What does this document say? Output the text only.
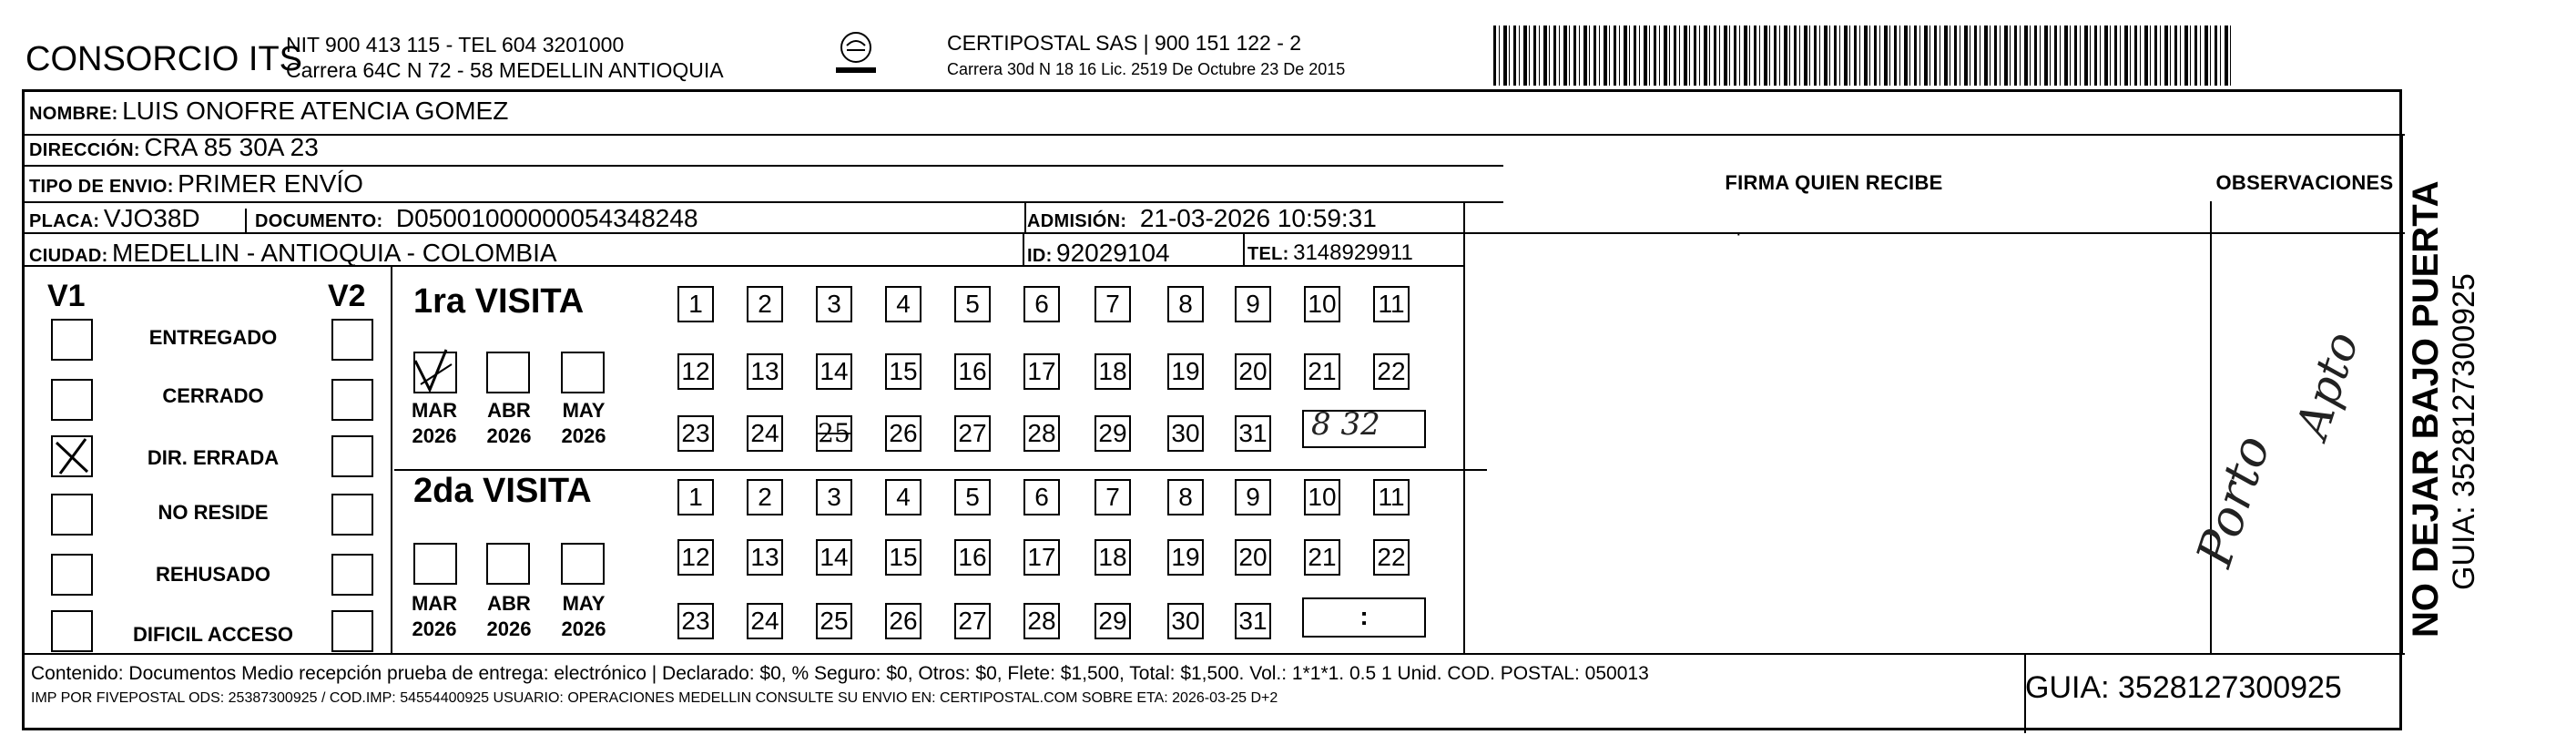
CONSORCIO ITS
NIT 900 413 115 - TEL 604 3201000
Carrera 64C N 72 - 58 MEDELLIN ANTIOQUIA
CERTIPOSTAL SAS | 900 151 122 - 2
Carrera 30d N 18 16 Lic. 2519 De Octubre 23 De 2015
NOMBRE: LUIS ONOFRE ATENCIA GOMEZ
DIRECCIÓN: CRA 85 30A 23
TIPO DE ENVIO: PRIMER ENVÍO
PLACA: VJO38D	DOCUMENTO: D05001000000054348248	ADMISIÓN: 21-03-2026 10:59:31
CIUDAD: MEDELLIN - ANTIOQUIA - COLOMBIA	ID: 92029104	TEL: 3148929911
FIRMA QUIEN RECIBE	OBSERVACIONES
·
V1	V2
ENTREGADO
CERRADO
DIR. ERRADA
NO RESIDE
REHUSADO
DIFICIL ACCESO
1ra VISITA
MAR	ABR	MAY
2026	2026	2026
2da VISITA
MAR	ABR	MAY
2026	2026	2026
1	2	3	4	5	6	7	8	9	10 11
12 13 14 15 16 17 18 19 20 21 22
23 24 25 26 27 28 29 30 31
1	2	3	4	5	6	7	8	9	10 11
12 13 14 15 16 17 18 19 20 21 22
23 24 25 26 27 28 29 30 31
8 32
:
Porto
Apto
Contenido: Documentos Medio recepción prueba de entrega: electrónico | Declarado: $0, % Seguro: $0, Otros: $0, Flete: $1,500, Total: $1,500. Vol.: 1*1*1. 0.5 1 Unid. COD. POSTAL: 050013
IMP POR FIVEPOSTAL ODS: 25387300925 / COD.IMP: 54554400925 USUARIO: OPERACIONES MEDELLIN CONSULTE SU ENVIO EN: CERTIPOSTAL.COM SOBRE ETA: 2026-03-25 D+2	GUIA: 3528127300925
NO DEJAR BAJO PUERTA GUIA: 3528127300925
